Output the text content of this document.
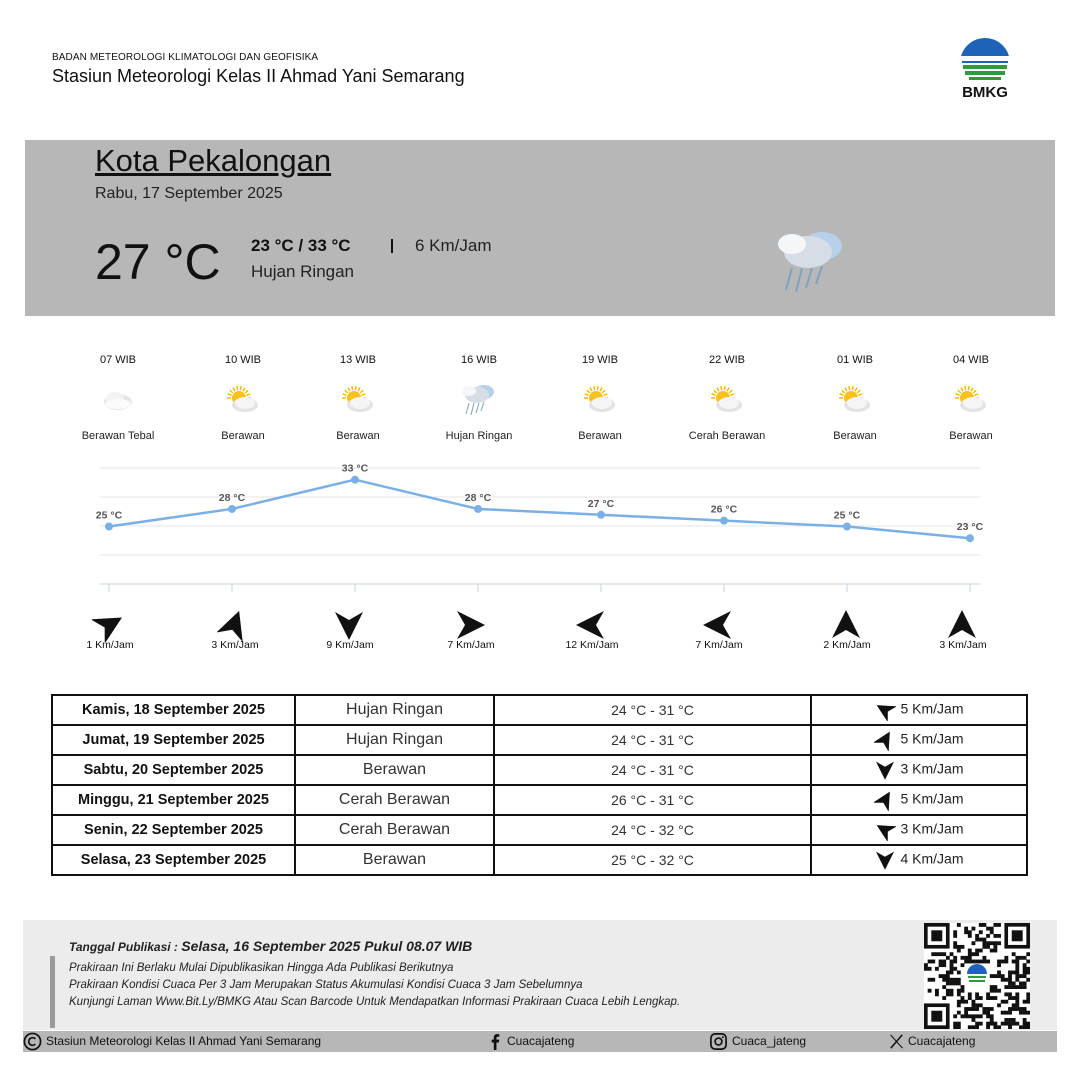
BADAN METEOROLOGI KLIMATOLOGI DAN GEOFISIKA
Stasiun Meteorologi Kelas II Ahmad Yani Semarang
BMKG
Kota Pekalongan
Rabu, 17 September 2025
27 °C 23 °C / 33 °C	6 Km/Jam
Hujan Ringan
07 WIB
Berawan Tebal
10 WIB
Berawan
13 WIB
Berawan
16 WIB
Hujan Ringan
19 WIB
Berawan
22 WIB
Cerah Berawan
01 WIB
Berawan
04 WIB
Berawan
25 °C
28 °C
33 °C
28 °C	27 °C	26 °C	25 °C
23 °C
1 Km/Jam	3 Km/Jam	9 Km/Jam	7 Km/Jam	12 Km/Jam	7 Km/Jam	2 Km/Jam	3 Km/Jam
Kamis, 18 September 2025	Hujan Ringan	24 °C - 31 °C	5 Km/Jam
Jumat, 19 September 2025	Hujan Ringan	24 °C - 31 °C	5 Km/Jam
Sabtu, 20 September 2025	Berawan	24 °C - 31 °C	3 Km/Jam
Minggu, 21 September 2025	Cerah Berawan	26 °C - 31 °C	5 Km/Jam
Senin, 22 September 2025	Cerah Berawan	24 °C - 32 °C	3 Km/Jam
Selasa, 23 September 2025	Berawan	25 °C - 32 °C	4 Km/Jam
Tanggal Publikasi : Selasa, 16 September 2025 Pukul 08.07 WIB
Prakiraan Ini Berlaku Mulai Dipublikasikan Hingga Ada Publikasi Berikutnya
Prakiraan Kondisi Cuaca Per 3 Jam Merupakan Status Akumulasi Kondisi Cuaca 3 Jam Sebelumnya
Kunjungi Laman Www.Bit.Ly/BMKG Atau Scan Barcode Untuk Mendapatkan Informasi Prakiraan Cuaca Lebih Lengkap.
Stasiun Meteorologi Kelas II Ahmad Yani Semarang	Cuacajateng	Cuaca_jateng	Cuacajateng
